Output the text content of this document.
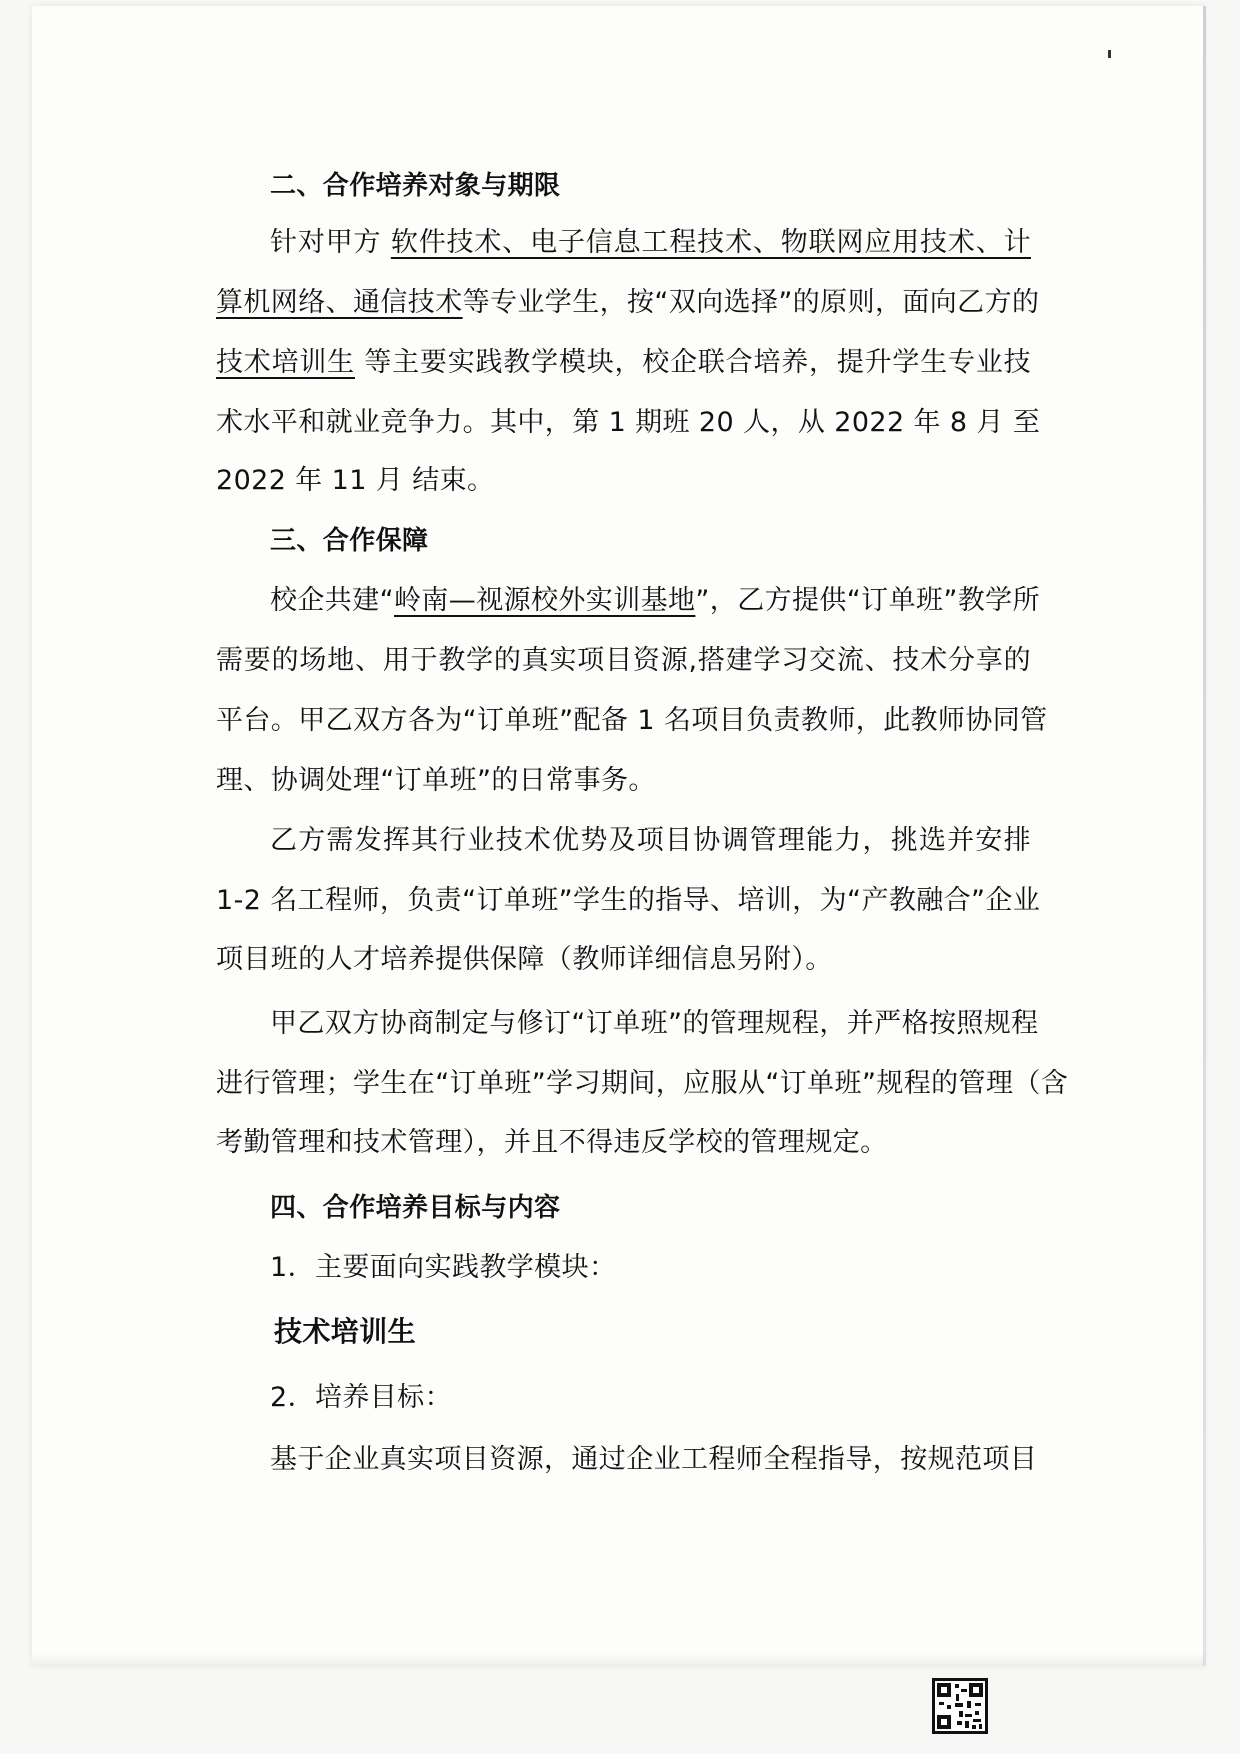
二、合作培养对象与期限
针对甲方 软件技术、电子信息工程技术、物联网应用技术、计
算机网络、通信技术等专业学生，按“双向选择”的原则，面向乙方的
技术培训生 等主要实践教学模块，校企联合培养，提升学生专业技
术水平和就业竞争力。其中，第 1 期班 20 人，从 2022 年 8 月 至
2022 年 11 月 结束。
三、合作保障
校企共建“岭南—视源校外实训基地”，乙方提供“订单班”教学所
需要的场地、用于教学的真实项目资源,搭建学习交流、技术分享的
平台。甲乙双方各为“订单班”配备 1 名项目负责教师，此教师协同管
理、协调处理“订单班”的日常事务。
乙方需发挥其行业技术优势及项目协调管理能力，挑选并安排
1-2 名工程师，负责“订单班”学生的指导、培训，为“产教融合”企业
项目班的人才培养提供保障（教师详细信息另附）。
甲乙双方协商制定与修订“订单班”的管理规程，并严格按照规程
进行管理；学生在“订单班”学习期间，应服从“订单班”规程的管理（含
考勤管理和技术管理），并且不得违反学校的管理规定。
四、合作培养目标与内容
1．主要面向实践教学模块：
技术培训生
2．培养目标：
基于企业真实项目资源，通过企业工程师全程指导，按规范项目
